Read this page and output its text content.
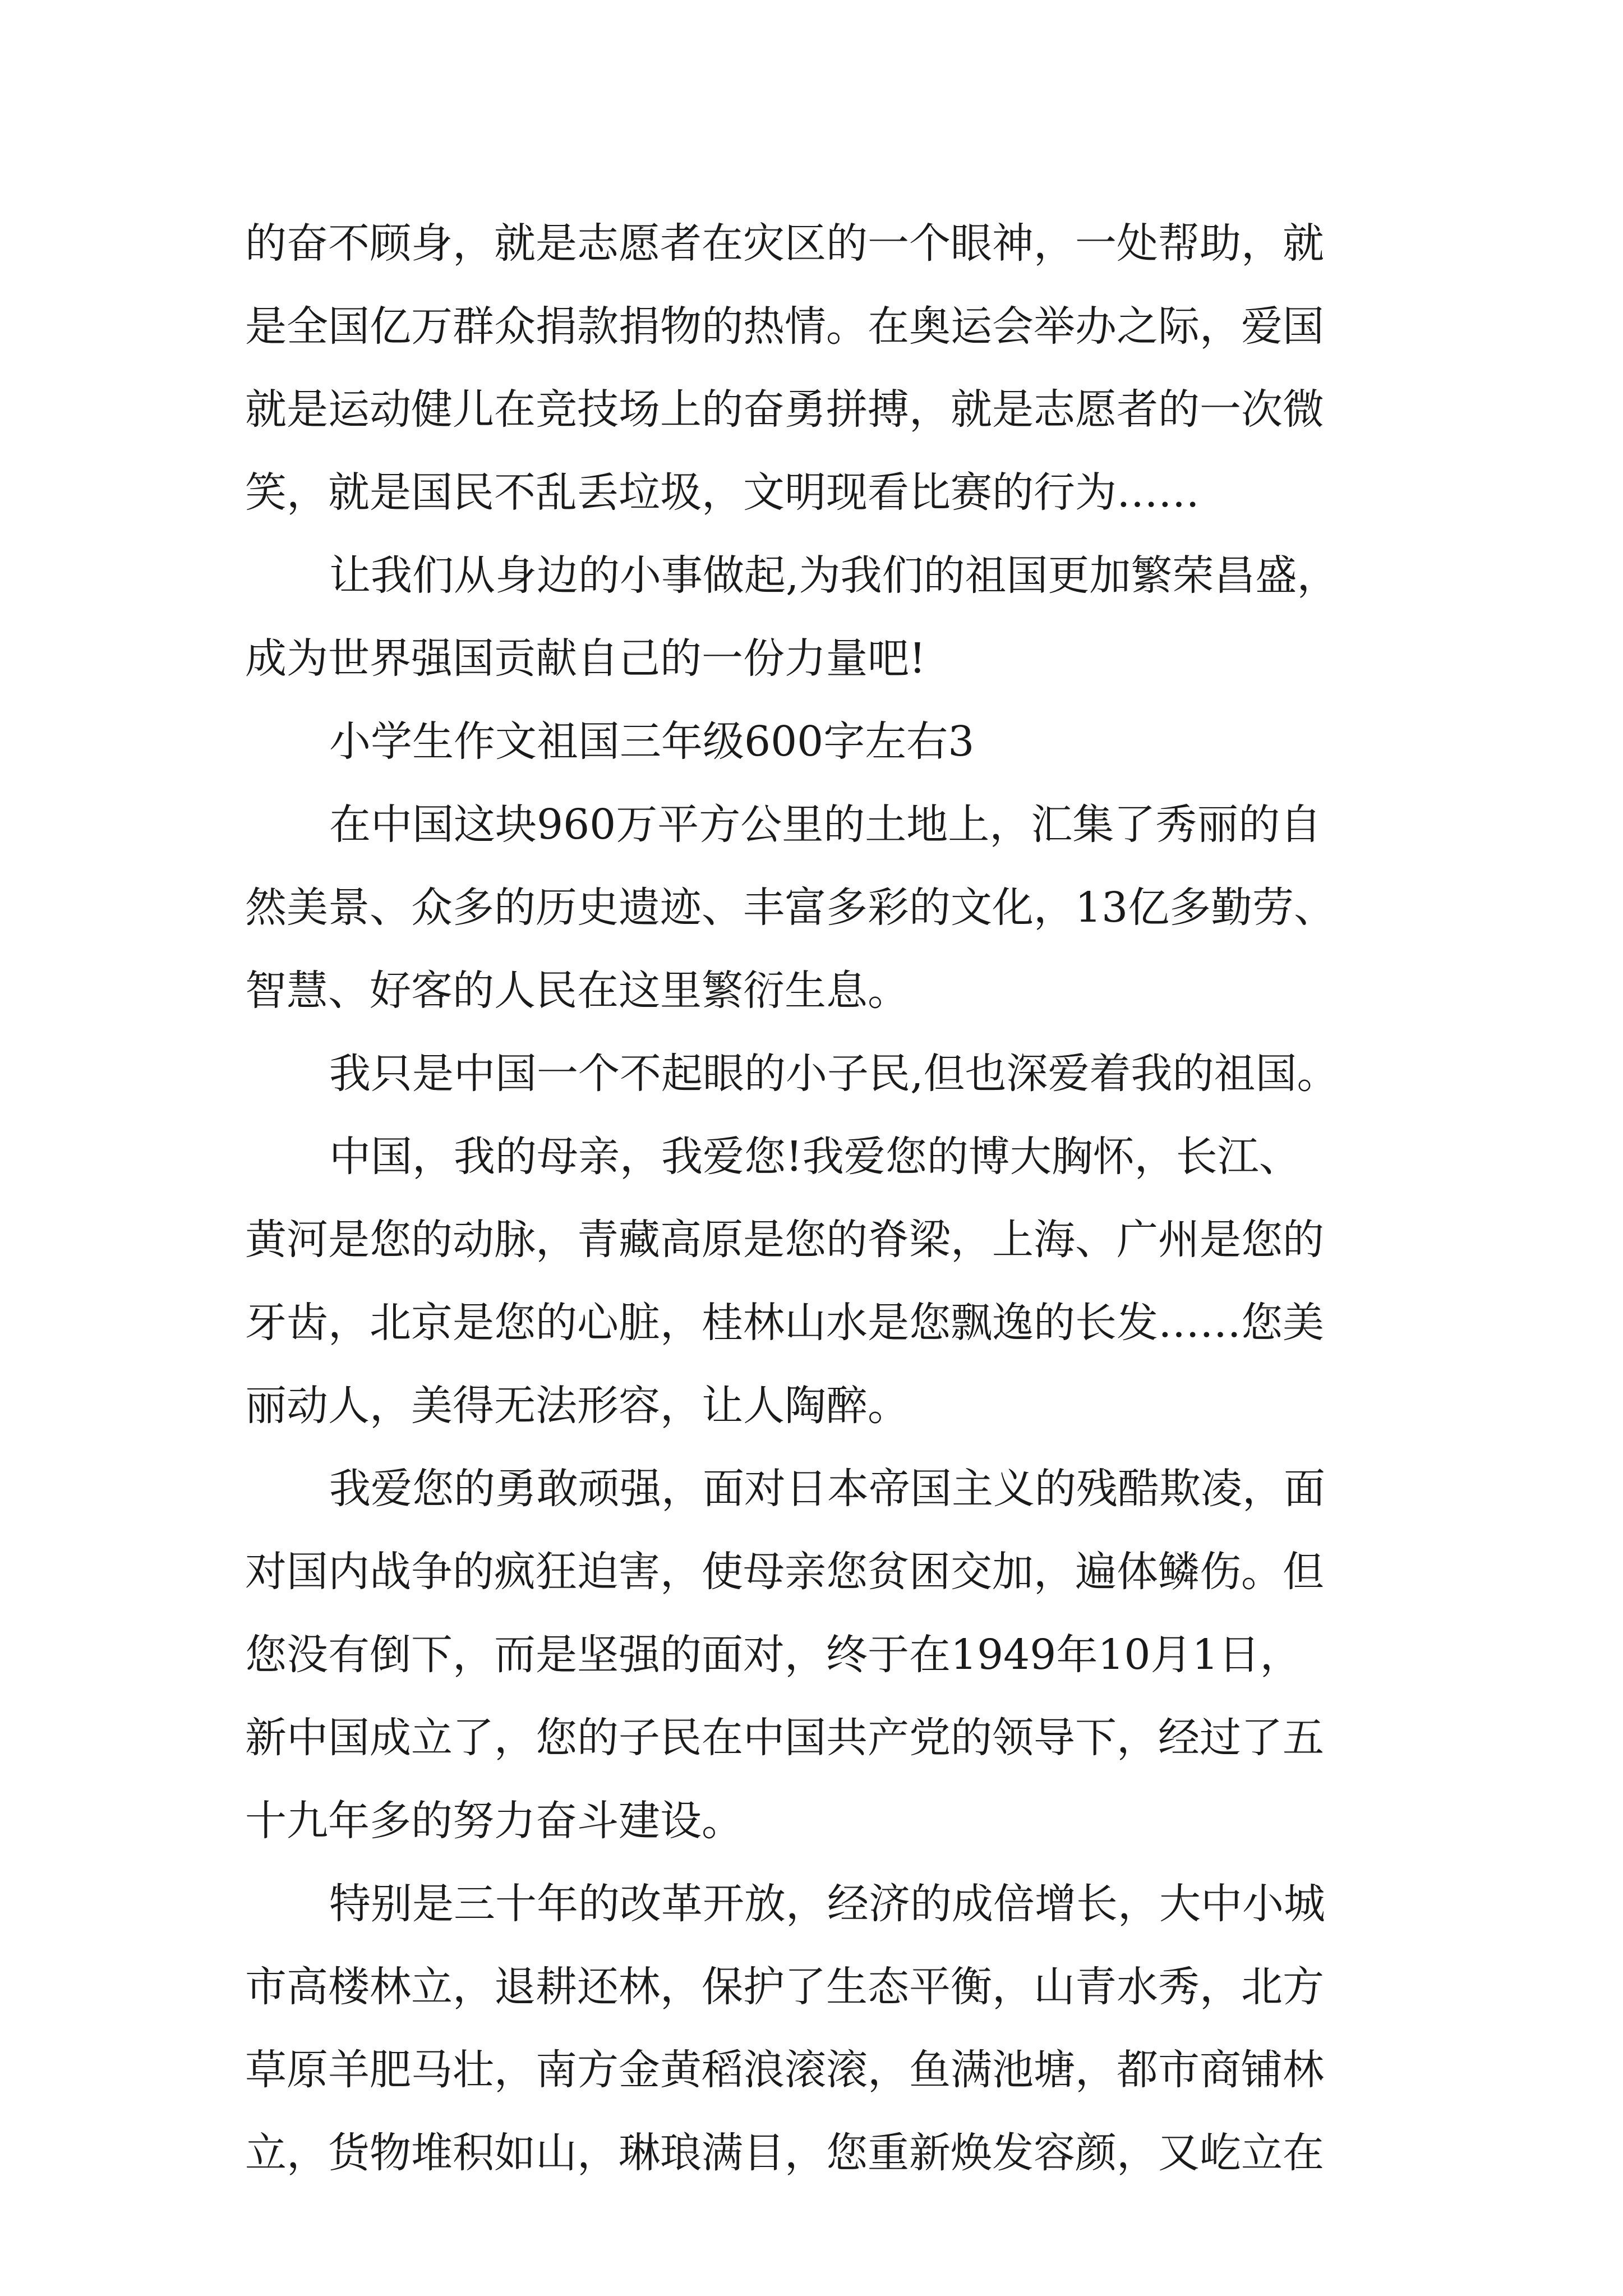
的奋不顾身，就是志愿者在灾区的一个眼神，一处帮助，就
是全国亿万群众捐款捐物的热情。在奥运会举办之际，爱国
就是运动健儿在竞技场上的奋勇拼搏，就是志愿者的一次微
笑，就是国民不乱丢垃圾，文明现看比赛的行为……
让我们从身边的小事做起,为我们的祖国更加繁荣昌盛，
成为世界强国贡献自己的一份力量吧!
小学生作文祖国三年级600字左右3
在中国这块960万平方公里的土地上，汇集了秀丽的自
然美景、众多的历史遗迹、丰富多彩的文化，13亿多勤劳、
智慧、好客的人民在这里繁衍生息。
我只是中国一个不起眼的小子民,但也深爱着我的祖国。
中国，我的母亲，我爱您!我爱您的博大胸怀，长江、
黄河是您的动脉，青藏高原是您的脊梁，上海、广州是您的
牙齿，北京是您的心脏，桂林山水是您飘逸的长发……您美
丽动人，美得无法形容，让人陶醉。
我爱您的勇敢顽强，面对日本帝国主义的残酷欺凌，面
对国内战争的疯狂迫害，使母亲您贫困交加，遍体鳞伤。但
您没有倒下，而是坚强的面对，终于在1949年10月1日，
新中国成立了，您的子民在中国共产党的领导下，经过了五
十九年多的努力奋斗建设。
特别是三十年的改革开放，经济的成倍增长，大中小城
市高楼林立，退耕还林，保护了生态平衡，山青水秀，北方
草原羊肥马壮，南方金黄稻浪滚滚，鱼满池塘，都市商铺林
立，货物堆积如山，琳琅满目，您重新焕发容颜，又屹立在
